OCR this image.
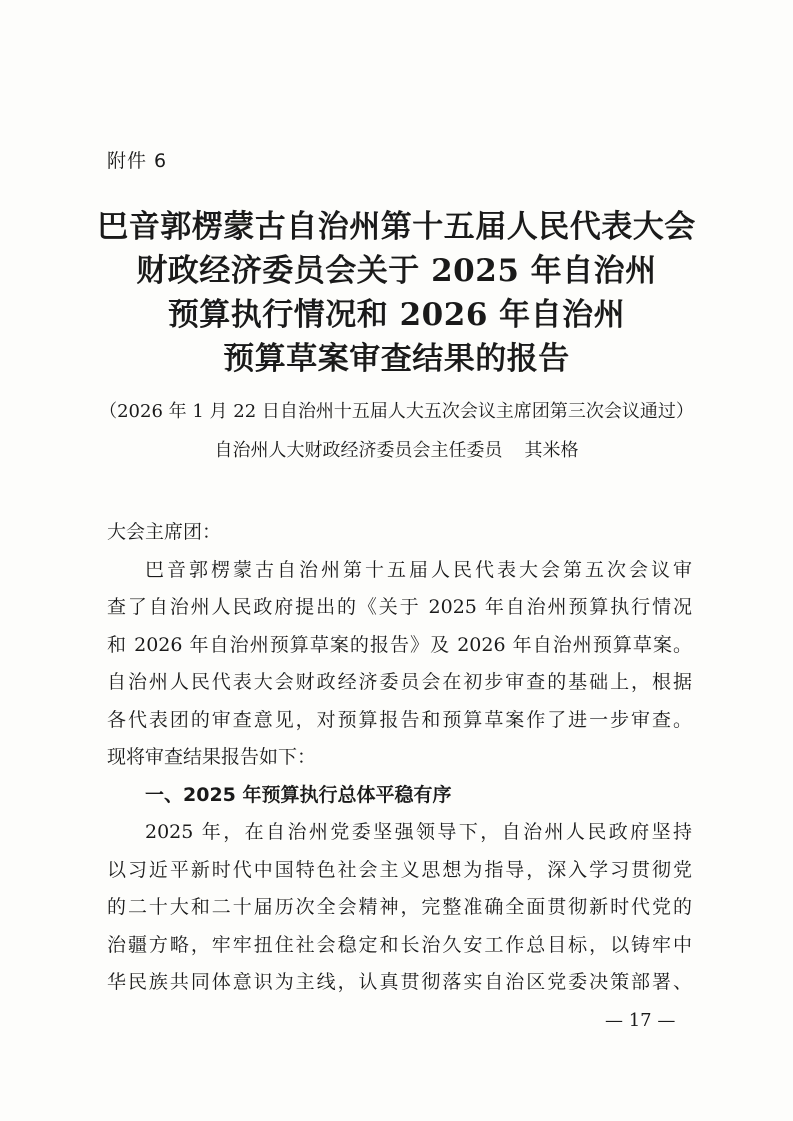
附件 6
巴音郭楞蒙古自治州第十五届人民代表大会
财政经济委员会关于 2025 年自治州
预算执行情况和 2026 年自治州
预算草案审查结果的报告
（2026 年 1 月 22 日自治州十五届人大五次会议主席团第三次会议通过）
自治州人大财政经济委员会主任委员 其米格
大会主席团：
巴音郭楞蒙古自治州第十五届人民代表大会第五次会议审
查了自治州人民政府提出的《关于 2025 年自治州预算执行情况
和 2026 年自治州预算草案的报告》及 2026 年自治州预算草案。
自治州人民代表大会财政经济委员会在初步审查的基础上，根据
各代表团的审查意见，对预算报告和预算草案作了进一步审查。
现将审查结果报告如下：
一、2025 年预算执行总体平稳有序
2025 年，在自治州党委坚强领导下，自治州人民政府坚持
以习近平新时代中国特色社会主义思想为指导，深入学习贯彻党
的二十大和二十届历次全会精神，完整准确全面贯彻新时代党的
治疆方略，牢牢扭住社会稳定和长治久安工作总目标，以铸牢中
华民族共同体意识为主线，认真贯彻落实自治区党委决策部署、
— 17 —
